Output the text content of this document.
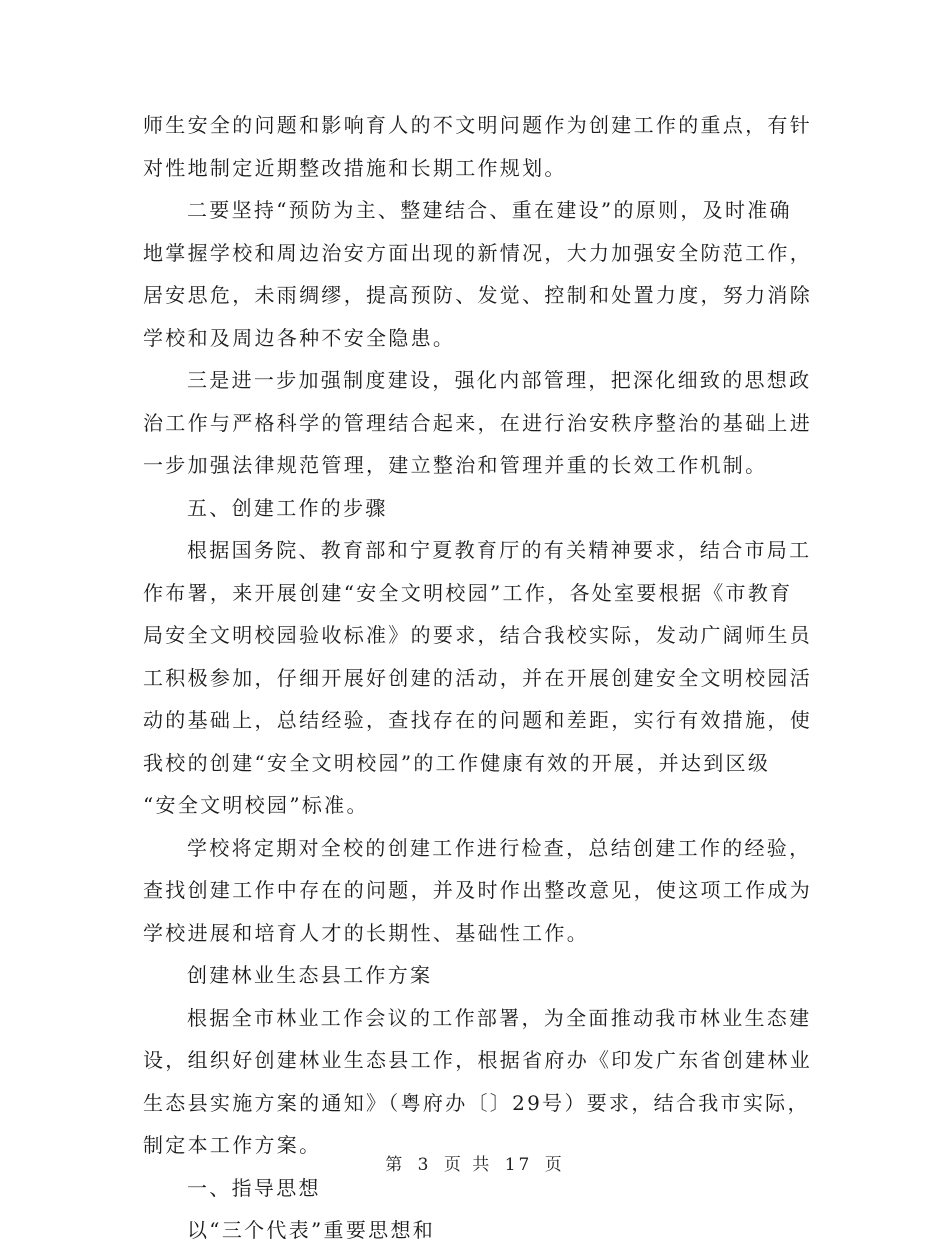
师生安全的问题和影响育人的不文明问题作为创建工作的重点，有针
对性地制定近期整改措施和长期工作规划。
二要坚持“预防为主、整建结合、重在建设”的原则，及时准确
地掌握学校和周边治安方面出现的新情况，大力加强安全防范工作，
居安思危，未雨绸缪，提高预防、发觉、控制和处置力度，努力消除
学校和及周边各种不安全隐患。
三是进一步加强制度建设，强化内部管理，把深化细致的思想政
治工作与严格科学的管理结合起来，在进行治安秩序整治的基础上进
一步加强法律规范管理，建立整治和管理并重的长效工作机制。
五、创建工作的步骤
根据国务院、教育部和宁夏教育厅的有关精神要求，结合市局工
作布署，来开展创建“安全文明校园”工作，各处室要根据《市教育
局安全文明校园验收标准》的要求，结合我校实际，发动广阔师生员
工积极参加，仔细开展好创建的活动，并在开展创建安全文明校园活
动的基础上，总结经验，查找存在的问题和差距，实行有效措施，使
我校的创建“安全文明校园”的工作健康有效的开展，并达到区级
“安全文明校园”标准。
学校将定期对全校的创建工作进行检查，总结创建工作的经验，
查找创建工作中存在的问题，并及时作出整改意见，使这项工作成为
学校进展和培育人才的长期性、基础性工作。
创建林业生态县工作方案
根据全市林业工作会议的工作部署，为全面推动我市林业生态建
设，组织好创建林业生态县工作，根据省府办《印发广东省创建林业
生态县实施方案的通知》（粤府办〔〕29号）要求，结合我市实际，
制定本工作方案。
一、指导思想
以“三个代表”重要思想和
第 3 页 共 17 页
